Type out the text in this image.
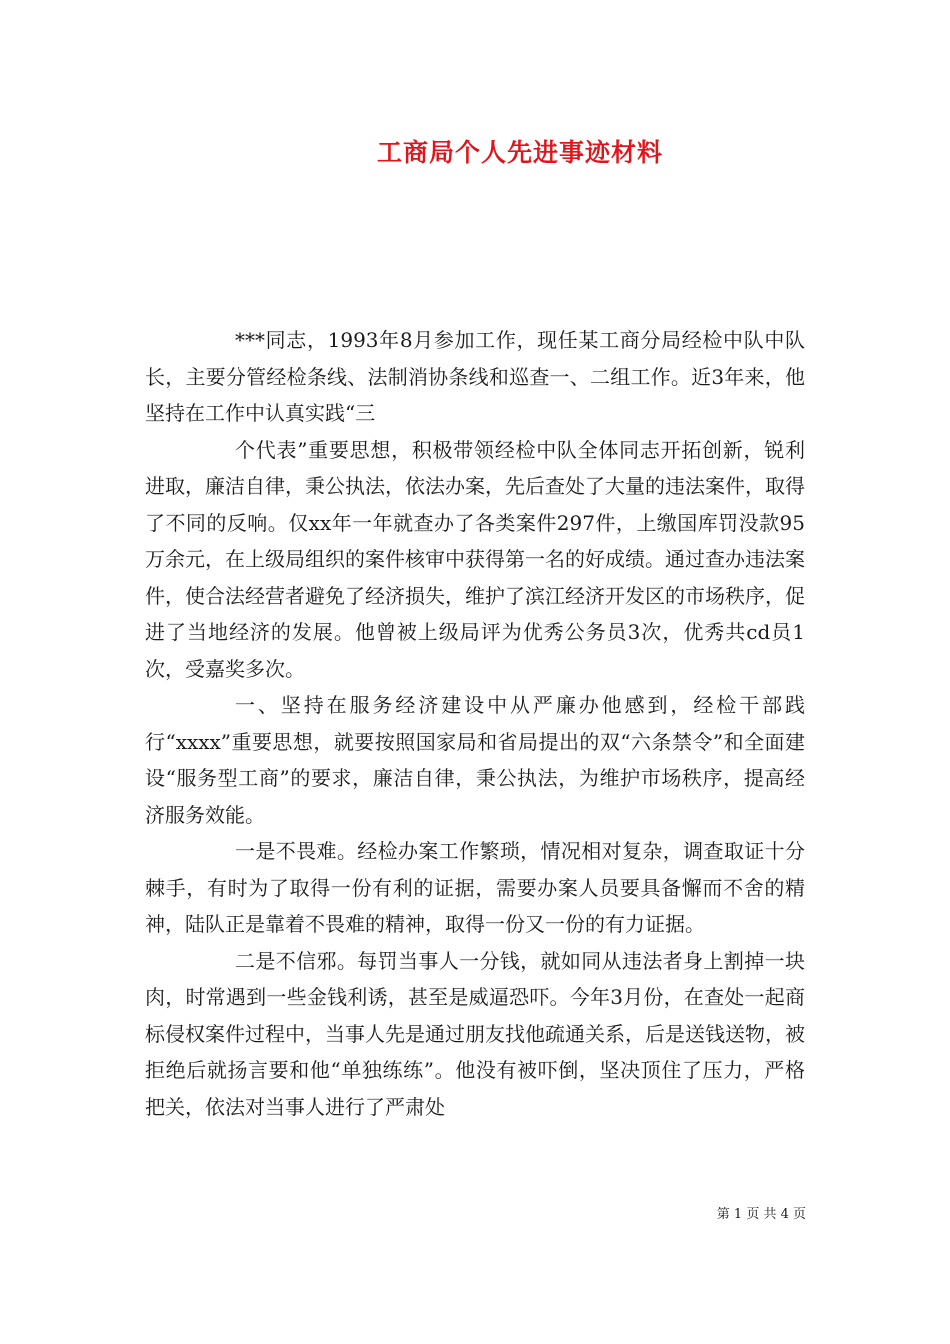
工商局个人先进事迹材料

***同志，1993年8月参加工作，现任某工商分局经检中队中队长，主要分管经检条线、法制消协条线和巡查一、二组工作。近3年来，他坚持在工作中认真实践“三

个代表”重要思想，积极带领经检中队全体同志开拓创新，锐利进取，廉洁自律，秉公执法，依法办案，先后查处了大量的违法案件，取得了不同的反响。仅xx年一年就查办了各类案件297件，上缴国库罚没款95万余元，在上级局组织的案件核审中获得第一名的好成绩。通过查办违法案件，使合法经营者避免了经济损失，维护了滨江经济开发区的市场秩序，促进了当地经济的发展。他曾被上级局评为优秀公务员3次，优秀共cd员1次，受嘉奖多次。

一、坚持在服务经济建设中从严廉办他感到，经检干部践行“xxxx”重要思想，就要按照国家局和省局提出的双“六条禁令”和全面建设“服务型工商”的要求，廉洁自律，秉公执法，为维护市场秩序，提高经济服务效能。

一是不畏难。经检办案工作繁琐，情况相对复杂，调查取证十分棘手，有时为了取得一份有利的证据，需要办案人员要具备懈而不舍的精神，陆队正是靠着不畏难的精神，取得一份又一份的有力证据。

二是不信邪。每罚当事人一分钱，就如同从违法者身上割掉一块肉，时常遇到一些金钱利诱，甚至是威逼恐吓。今年3月份，在查处一起商标侵权案件过程中，当事人先是通过朋友找他疏通关系，后是送钱送物，被拒绝后就扬言要和他“单独练练”。他没有被吓倒，坚决顶住了压力，严格把关，依法对当事人进行了严肃处

第 1 页 共 4 页
